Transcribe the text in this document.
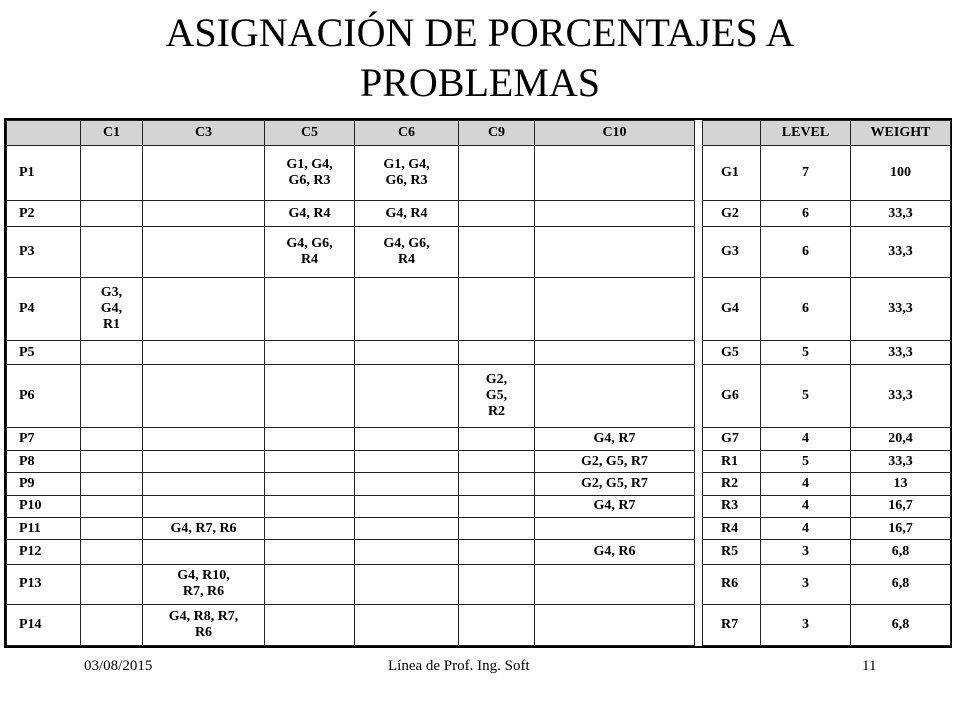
ASIGNACIÓN DE PORCENTAJES A
PROBLEMAS
	C1	C3	C5	C6	C9	C10			LEVEL	WEIGHT
P1			G1, G4,
G6, R3	G1, G4,
G6, R3				G1	7	100
P2			G4, R4	G4, R4				G2	6	33,3
P3			G4, G6,
R4	G4, G6,
R4				G3	6	33,3
P4	G3,
G4,
R1							G4	6	33,3
P5								G5	5	33,3
P6					G2,
G5,
R2			G6	5	33,3
P7						G4, R7		G7	4	20,4
P8						G2, G5, R7		R1	5	33,3
P9						G2, G5, R7		R2	4	13
P10						G4, R7		R3	4	16,7
P11		G4, R7, R6						R4	4	16,7
P12						G4, R6		R5	3	6,8
P13		G4, R10,
R7, R6						R6	3	6,8
P14		G4, R8, R7,
R6						R7	3	6,8
03/08/2015	Línea de Prof. Ing. Soft	11
